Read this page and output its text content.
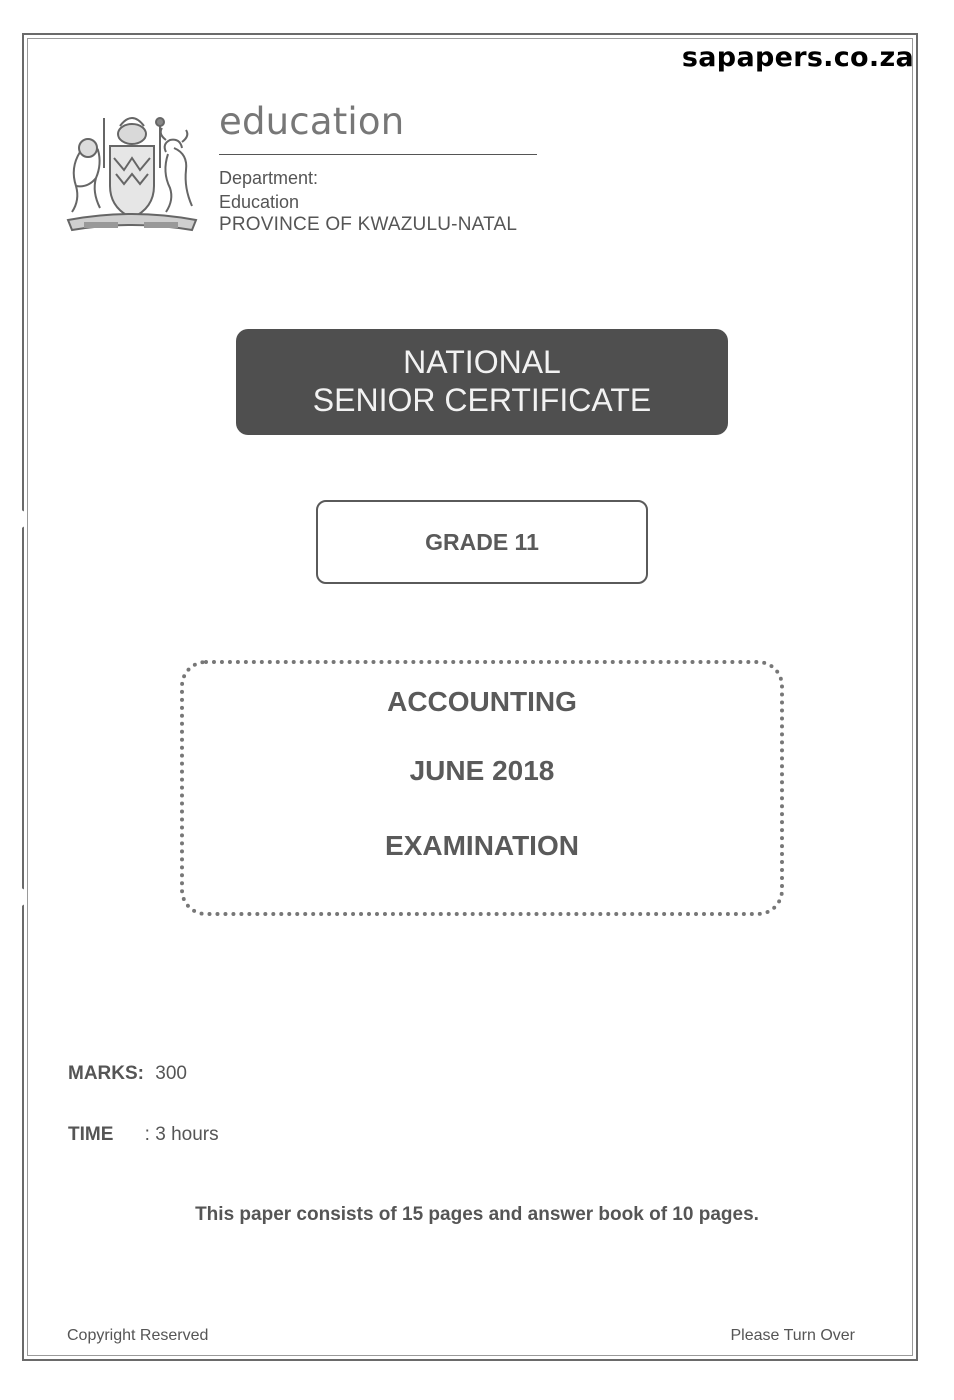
sapapers.co.za
education
Department:
Education
PROVINCE OF KWAZULU-NATAL
NATIONAL
SENIOR CERTIFICATE
GRADE 11
ACCOUNTING
JUNE 2018
EXAMINATION
MARKS: 300
TIME : 3 hours
This paper consists of 15 pages and answer book of 10 pages.
Copyright Reserved	Please Turn Over
